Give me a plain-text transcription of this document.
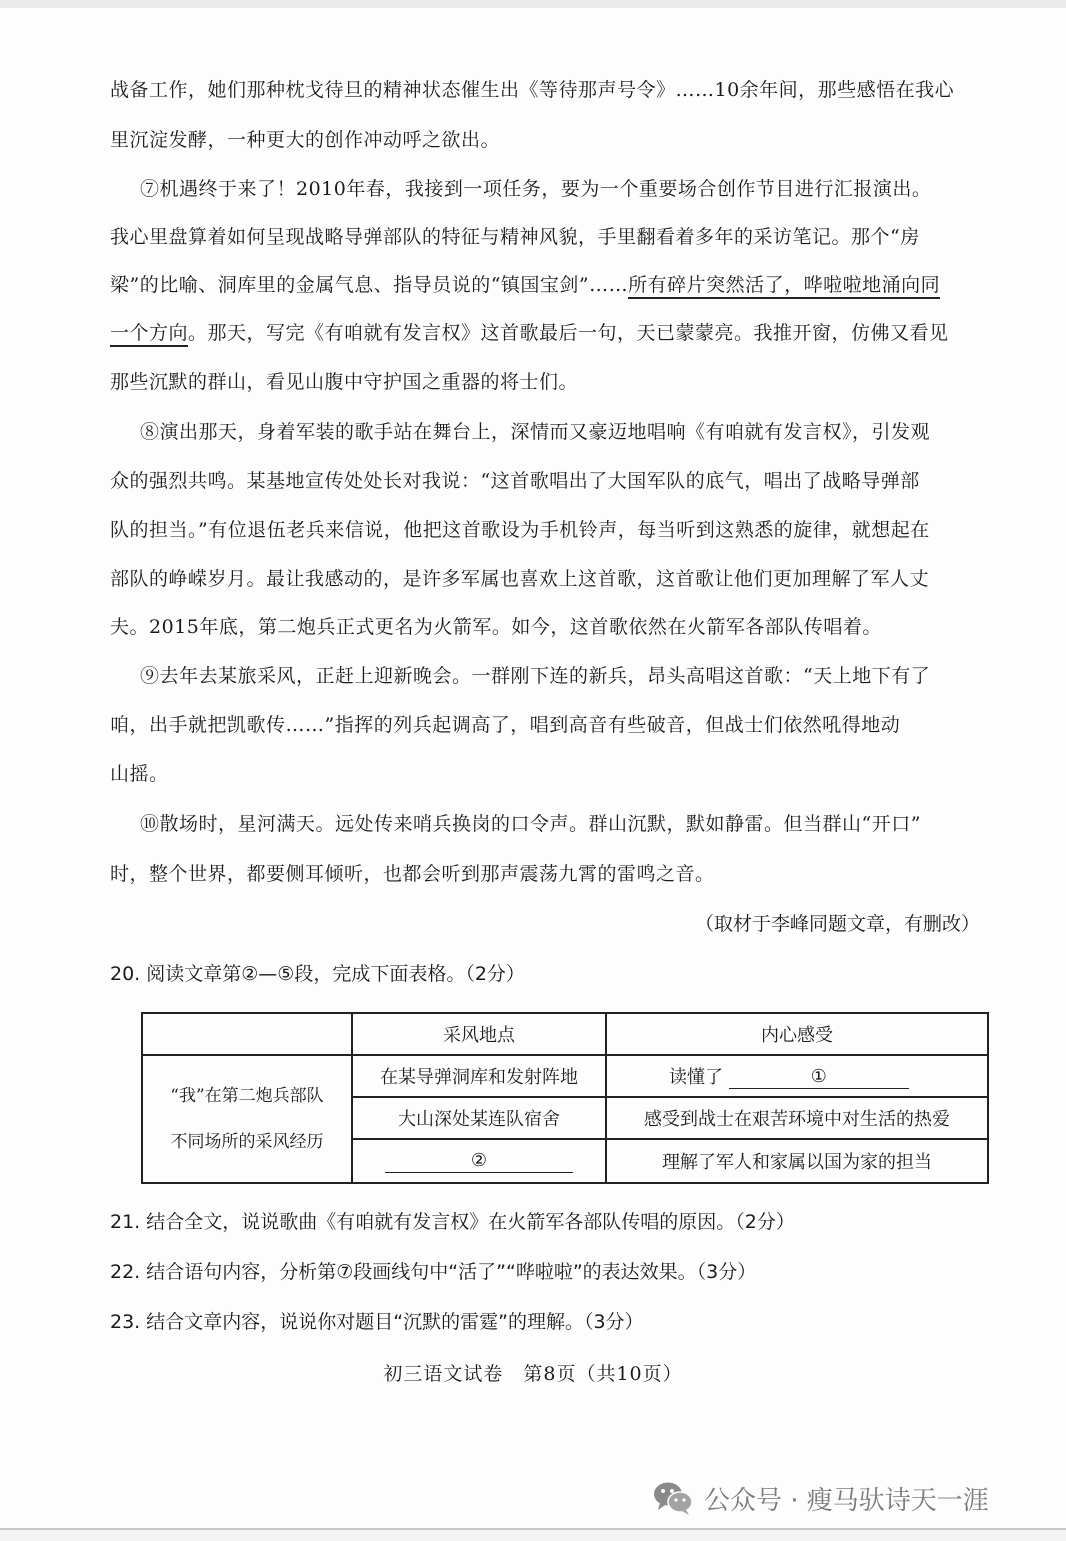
战备工作，她们那种枕戈待旦的精神状态催生出《等待那声号令》……10余年间，那些感悟在我心
里沉淀发酵，一种更大的创作冲动呼之欲出。
⑦机遇终于来了！2010年春，我接到一项任务，要为一个重要场合创作节目进行汇报演出。
我心里盘算着如何呈现战略导弹部队的特征与精神风貌，手里翻看着多年的采访笔记。那个“房
梁”的比喻、洞库里的金属气息、指导员说的“镇国宝剑”……所有碎片突然活了，哗啦啦地涌向同
一个方向。那天，写完《有咱就有发言权》这首歌最后一句，天已蒙蒙亮。我推开窗，仿佛又看见
那些沉默的群山，看见山腹中守护国之重器的将士们。
⑧演出那天，身着军装的歌手站在舞台上，深情而又豪迈地唱响《有咱就有发言权》，引发观
众的强烈共鸣。某基地宣传处处长对我说：“这首歌唱出了大国军队的底气，唱出了战略导弹部
队的担当。”有位退伍老兵来信说，他把这首歌设为手机铃声，每当听到这熟悉的旋律，就想起在
部队的峥嵘岁月。最让我感动的，是许多军属也喜欢上这首歌，这首歌让他们更加理解了军人丈
夫。2015年底，第二炮兵正式更名为火箭军。如今，这首歌依然在火箭军各部队传唱着。
⑨去年去某旅采风，正赶上迎新晚会。一群刚下连的新兵，昂头高唱这首歌：“天上地下有了
咱，出手就把凯歌传……”指挥的列兵起调高了，唱到高音有些破音，但战士们依然吼得地动
山摇。
⑩散场时，星河满天。远处传来哨兵换岗的口令声。群山沉默，默如静雷。但当群山“开口”
时，整个世界，都要侧耳倾听，也都会听到那声震荡九霄的雷鸣之音。
（取材于李峰同题文章，有删改）
20. 阅读文章第②—⑤段，完成下面表格。（2分）
	采风地点	内心感受

“我”在第二炮兵部队
不同场所的采风经历	在某导弹洞库和发射阵地	读懂了 ①
	大山深处某连队宿舍	感受到战士在艰苦环境中对生活的热爱
	②	理解了军人和家属以国为家的担当
21. 结合全文，说说歌曲《有咱就有发言权》在火箭军各部队传唱的原因。（2分）
22. 结合语句内容，分析第⑦段画线句中“活了”“哗啦啦”的表达效果。（3分）
23. 结合文章内容，说说你对题目“沉默的雷霆”的理解。（3分）
初三语文试卷　第8页（共10页）
公众号 · 瘦马驮诗天一涯
